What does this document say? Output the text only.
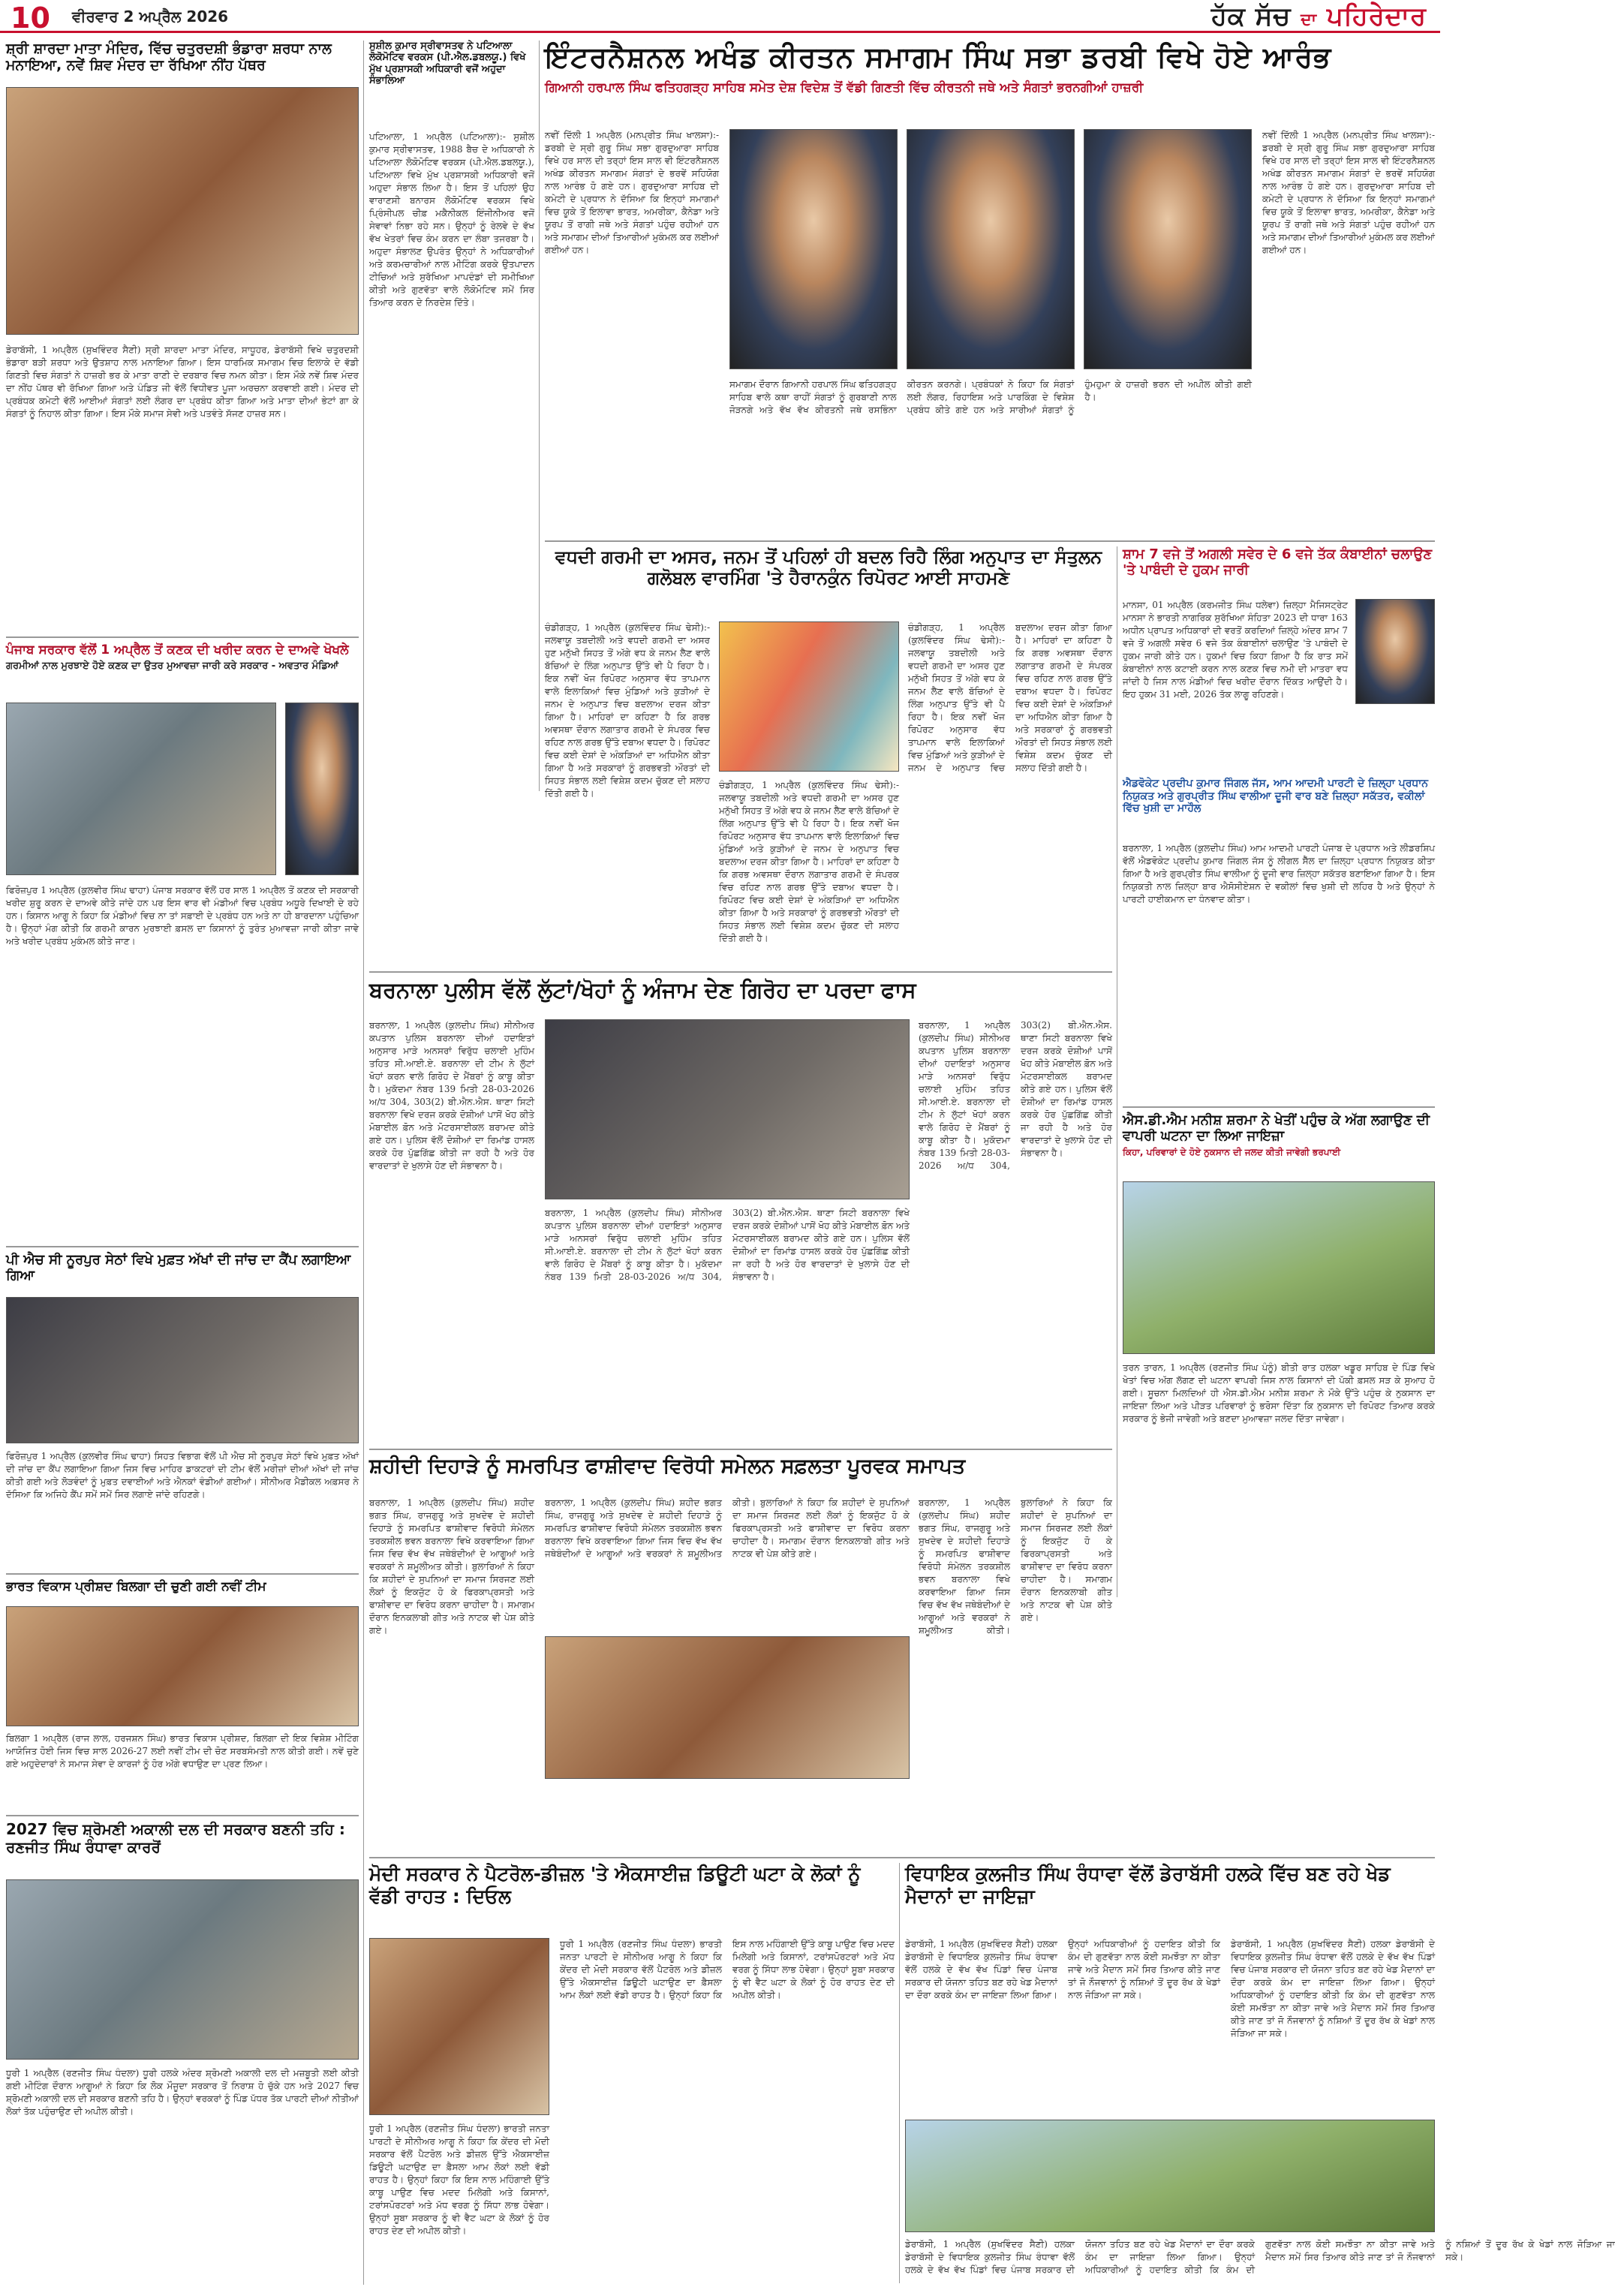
10 ਵੀਰਵਾਰ 2 ਅਪ੍ਰੈਲ 2026	ਹੱਕ ਸੱਚ ਦਾ ਪਹਿਰੇਦਾਰ
ਸ਼੍ਰੀ ਸ਼ਾਰਦਾ ਮਾਤਾ ਮੰਦਿਰ, ਵਿੱਚ ਚਤੁਰਦਸ਼ੀ ਭੰਡਾਰਾ ਸ਼ਰਧਾ ਨਾਲ ਮਨਾਇਆ, ਨਵੇਂ ਸ਼ਿਵ ਮੰਦਰ ਦਾ ਰੱਖਿਆ ਨੀਂਹ ਪੱਥਰ
ਡੇਰਾਬੱਸੀ, 1 ਅਪ੍ਰੈਲ (ਸੁਖਵਿੰਦਰ ਸੈਣੀ) ਸ੍ਰੀ ਸ਼ਾਰਦਾ ਮਾਤਾ ਮੰਦਿਰ, ਸਾਧੂਹਰ, ਡੇਰਾਬੱਸੀ ਵਿਖੇ ਚਤੁਰਦਸ਼ੀ ਭੰਡਾਰਾ ਬੜੀ ਸ਼ਰਧਾ ਅਤੇ ਉਤਸ਼ਾਹ ਨਾਲ ਮਨਾਇਆ ਗਿਆ। ਇਸ ਧਾਰਮਿਕ ਸਮਾਗਮ ਵਿਚ ਇਲਾਕੇ ਦੇ ਵੱਡੀ ਗਿਣਤੀ ਵਿਚ ਸੰਗਤਾਂ ਨੇ ਹਾਜ਼ਰੀ ਭਰ ਕੇ ਮਾਤਾ ਰਾਣੀ ਦੇ ਦਰਬਾਰ ਵਿਚ ਨਮਨ ਕੀਤਾ। ਇਸ ਮੌਕੇ ਨਵੇਂ ਸ਼ਿਵ ਮੰਦਰ ਦਾ ਨੀਂਹ ਪੱਥਰ ਵੀ ਰੱਖਿਆ ਗਿਆ ਅਤੇ ਪੰਡਿਤ ਜੀ ਵੱਲੋਂ ਵਿਧੀਵਤ ਪੂਜਾ ਅਰਚਨਾ ਕਰਵਾਈ ਗਈ। ਮੰਦਰ ਦੀ ਪ੍ਰਬੰਧਕ ਕਮੇਟੀ ਵੱਲੋਂ ਆਈਆਂ ਸੰਗਤਾਂ ਲਈ ਲੰਗਰ ਦਾ ਪ੍ਰਬੰਧ ਕੀਤਾ ਗਿਆ ਅਤੇ ਮਾਤਾ ਦੀਆਂ ਭੇਟਾਂ ਗਾ ਕੇ ਸੰਗਤਾਂ ਨੂੰ ਨਿਹਾਲ ਕੀਤਾ ਗਿਆ। ਇਸ ਮੌਕੇ ਸਮਾਜ ਸੇਵੀ ਅਤੇ ਪਤਵੰਤੇ ਸੱਜਣ ਹਾਜ਼ਰ ਸਨ।
ਪੰਜਾਬ ਸਰਕਾਰ ਵੱਲੋਂ 1 ਅਪ੍ਰੈਲ ਤੋਂ ਕਣਕ ਦੀ ਖਰੀਦ ਕਰਨ ਦੇ ਦਾਅਵੇ ਖੋਖਲੇ
ਗਰਮੀਆਂ ਨਾਲ ਮੁਰਝਾਏ ਹੋਏ ਕਣਕ ਦਾ ਉਤਰ ਮੁਆਵਜ਼ਾ ਜਾਰੀ ਕਰੇ ਸਰਕਾਰ - ਅਵਤਾਰ ਮੰਡਿਆਂ
ਫਿਰੋਜ਼ਪੁਰ 1 ਅਪ੍ਰੈਲ (ਕੁਲਵੀਰ ਸਿੰਘ ਢਾਹਾ) ਪੰਜਾਬ ਸਰਕਾਰ ਵੱਲੋਂ ਹਰ ਸਾਲ 1 ਅਪ੍ਰੈਲ ਤੋਂ ਕਣਕ ਦੀ ਸਰਕਾਰੀ ਖਰੀਦ ਸ਼ੁਰੂ ਕਰਨ ਦੇ ਦਾਅਵੇ ਕੀਤੇ ਜਾਂਦੇ ਹਨ ਪਰ ਇਸ ਵਾਰ ਵੀ ਮੰਡੀਆਂ ਵਿਚ ਪ੍ਰਬੰਧ ਅਧੂਰੇ ਦਿਖਾਈ ਦੇ ਰਹੇ ਹਨ। ਕਿਸਾਨ ਆਗੂ ਨੇ ਕਿਹਾ ਕਿ ਮੰਡੀਆਂ ਵਿਚ ਨਾ ਤਾਂ ਸਫ਼ਾਈ ਦੇ ਪ੍ਰਬੰਧ ਹਨ ਅਤੇ ਨਾ ਹੀ ਬਾਰਦਾਨਾ ਪਹੁੰਚਿਆ ਹੈ। ਉਨ੍ਹਾਂ ਮੰਗ ਕੀਤੀ ਕਿ ਗਰਮੀ ਕਾਰਨ ਮੁਰਝਾਈ ਫ਼ਸਲ ਦਾ ਕਿਸਾਨਾਂ ਨੂੰ ਤੁਰੰਤ ਮੁਆਵਜ਼ਾ ਜਾਰੀ ਕੀਤਾ ਜਾਵੇ ਅਤੇ ਖਰੀਦ ਪ੍ਰਬੰਧ ਮੁਕੰਮਲ ਕੀਤੇ ਜਾਣ।
ਪੀ ਐਚ ਸੀ ਨੂਰਪੁਰ ਸੇਠਾਂ ਵਿਖੇ ਮੁਫ਼ਤ ਅੱਖਾਂ ਦੀ ਜਾਂਚ ਦਾ ਕੈਂਪ ਲਗਾਇਆ ਗਿਆ
ਫਿਰੋਜ਼ਪੁਰ 1 ਅਪ੍ਰੈਲ (ਕੁਲਵੀਰ ਸਿੰਘ ਢਾਹਾ) ਸਿਹਤ ਵਿਭਾਗ ਵੱਲੋਂ ਪੀ ਐਚ ਸੀ ਨੂਰਪੁਰ ਸੇਠਾਂ ਵਿਖੇ ਮੁਫ਼ਤ ਅੱਖਾਂ ਦੀ ਜਾਂਚ ਦਾ ਕੈਂਪ ਲਗਾਇਆ ਗਿਆ ਜਿਸ ਵਿਚ ਮਾਹਿਰ ਡਾਕਟਰਾਂ ਦੀ ਟੀਮ ਵੱਲੋਂ ਮਰੀਜ਼ਾਂ ਦੀਆਂ ਅੱਖਾਂ ਦੀ ਜਾਂਚ ਕੀਤੀ ਗਈ ਅਤੇ ਲੋੜਵੰਦਾਂ ਨੂੰ ਮੁਫ਼ਤ ਦਵਾਈਆਂ ਅਤੇ ਐਨਕਾਂ ਵੰਡੀਆਂ ਗਈਆਂ। ਸੀਨੀਅਰ ਮੈਡੀਕਲ ਅਫ਼ਸਰ ਨੇ ਦੱਸਿਆ ਕਿ ਅਜਿਹੇ ਕੈਂਪ ਸਮੇਂ ਸਮੇਂ ਸਿਰ ਲਗਾਏ ਜਾਂਦੇ ਰਹਿਣਗੇ।
ਭਾਰਤ ਵਿਕਾਸ ਪ੍ਰੀਸ਼ਦ ਬਿਲਗਾ ਦੀ ਚੁਣੀ ਗਈ ਨਵੀਂ ਟੀਮ
ਬਿਲਗਾ 1 ਅਪ੍ਰੈਲ (ਰਾਜ ਲਾਲ, ਹਰਜਸ਼ਨ ਸਿੰਘ) ਭਾਰਤ ਵਿਕਾਸ ਪ੍ਰੀਸ਼ਦ, ਬਿਲਗਾ ਦੀ ਇਕ ਵਿਸ਼ੇਸ਼ ਮੀਟਿੰਗ ਆਯੋਜਿਤ ਹੋਈ ਜਿਸ ਵਿਚ ਸਾਲ 2026-27 ਲਈ ਨਵੀਂ ਟੀਮ ਦੀ ਚੋਣ ਸਰਬਸੰਮਤੀ ਨਾਲ ਕੀਤੀ ਗਈ। ਨਵੇਂ ਚੁਣੇ ਗਏ ਅਹੁਦੇਦਾਰਾਂ ਨੇ ਸਮਾਜ ਸੇਵਾ ਦੇ ਕਾਰਜਾਂ ਨੂੰ ਹੋਰ ਅੱਗੇ ਵਧਾਉਣ ਦਾ ਪ੍ਰਣ ਲਿਆ।
2027 ਵਿਚ ਸ਼੍ਰੋਮਣੀ ਅਕਾਲੀ ਦਲ ਦੀ ਸਰਕਾਰ ਬਣਨੀ ਤਹਿ : ਰਣਜੀਤ ਸਿੰਘ ਰੰਧਾਵਾ ਕਾਰਰੋਂ
ਧੂਰੀ 1 ਅਪ੍ਰੈਲ (ਰਣਜੀਤ ਸਿੰਘ ਧੰਦਲਾ) ਧੂਰੀ ਹਲਕੇ ਅੰਦਰ ਸ਼੍ਰੋਮਣੀ ਅਕਾਲੀ ਦਲ ਦੀ ਮਜ਼ਬੂਤੀ ਲਈ ਕੀਤੀ ਗਈ ਮੀਟਿੰਗ ਦੌਰਾਨ ਆਗੂਆਂ ਨੇ ਕਿਹਾ ਕਿ ਲੋਕ ਮੌਜੂਦਾ ਸਰਕਾਰ ਤੋਂ ਨਿਰਾਸ਼ ਹੋ ਚੁੱਕੇ ਹਨ ਅਤੇ 2027 ਵਿਚ ਸ਼੍ਰੋਮਣੀ ਅਕਾਲੀ ਦਲ ਦੀ ਸਰਕਾਰ ਬਣਨੀ ਤਹਿ ਹੈ। ਉਨ੍ਹਾਂ ਵਰਕਰਾਂ ਨੂੰ ਪਿੰਡ ਪੱਧਰ ਤੱਕ ਪਾਰਟੀ ਦੀਆਂ ਨੀਤੀਆਂ ਲੋਕਾਂ ਤੱਕ ਪਹੁੰਚਾਉਣ ਦੀ ਅਪੀਲ ਕੀਤੀ।
ਸੁਸ਼ੀਲ ਕੁਮਾਰ ਸ੍ਰੀਵਾਸਤਵ ਨੇ ਪਟਿਆਲਾ ਲੋਕੋਮੋਟਿਵ ਵਰਕਸ (ਪੀ.ਐਲ.ਡਬਲਯੂ.) ਵਿਖੇ ਮੁੱਖ ਪ੍ਰਸ਼ਾਸਕੀ ਅਧਿਕਾਰੀ ਵਜੋਂ ਅਹੁਦਾ ਸੰਭਾਲਿਆ
ਪਟਿਆਲਾ, 1 ਅਪ੍ਰੈਲ (ਪਟਿਆਲਾ):- ਸੁਸ਼ੀਲ ਕੁਮਾਰ ਸ੍ਰੀਵਾਸਤਵ, 1988 ਬੈਚ ਦੇ ਅਧਿਕਾਰੀ ਨੇ ਪਟਿਆਲਾ ਲੋਕੋਮੋਟਿਵ ਵਰਕਸ (ਪੀ.ਐਲ.ਡਬਲਯੂ.), ਪਟਿਆਲਾ ਵਿਖੇ ਮੁੱਖ ਪ੍ਰਸ਼ਾਸਕੀ ਅਧਿਕਾਰੀ ਵਜੋਂ ਅਹੁਦਾ ਸੰਭਾਲ ਲਿਆ ਹੈ। ਇਸ ਤੋਂ ਪਹਿਲਾਂ ਉਹ ਵਾਰਾਣਸੀ ਬਨਾਰਸ ਲੋਕੋਮੋਟਿਵ ਵਰਕਸ ਵਿਖੇ ਪ੍ਰਿੰਸੀਪਲ ਚੀਫ਼ ਮਕੈਨੀਕਲ ਇੰਜੀਨੀਅਰ ਵਜੋਂ ਸੇਵਾਵਾਂ ਨਿਭਾ ਰਹੇ ਸਨ। ਉਨ੍ਹਾਂ ਨੂੰ ਰੇਲਵੇ ਦੇ ਵੱਖ ਵੱਖ ਖੇਤਰਾਂ ਵਿਚ ਕੰਮ ਕਰਨ ਦਾ ਲੰਬਾ ਤਜਰਬਾ ਹੈ। ਅਹੁਦਾ ਸੰਭਾਲਣ ਉਪਰੰਤ ਉਨ੍ਹਾਂ ਨੇ ਅਧਿਕਾਰੀਆਂ ਅਤੇ ਕਰਮਚਾਰੀਆਂ ਨਾਲ ਮੀਟਿੰਗ ਕਰਕੇ ਉਤਪਾਦਨ ਟੀਚਿਆਂ ਅਤੇ ਸੁਰੱਖਿਆ ਮਾਪਦੰਡਾਂ ਦੀ ਸਮੀਖਿਆ ਕੀਤੀ ਅਤੇ ਗੁਣਵੱਤਾ ਵਾਲੇ ਲੋਕੋਮੋਟਿਵ ਸਮੇਂ ਸਿਰ ਤਿਆਰ ਕਰਨ ਦੇ ਨਿਰਦੇਸ਼ ਦਿੱਤੇ।
ਇੰਟਰਨੈਸ਼ਨਲ ਅਖੰਡ ਕੀਰਤਨ ਸਮਾਗਮ ਸਿੰਘ ਸਭਾ ਡਰਬੀ ਵਿਖੇ ਹੋਏ ਆਰੰਭ
ਗਿਆਨੀ ਹਰਪਾਲ ਸਿੰਘ ਫਤਿਹਗੜ੍ਹ ਸਾਹਿਬ ਸਮੇਤ ਦੇਸ਼ ਵਿਦੇਸ਼ ਤੋਂ ਵੱਡੀ ਗਿਣਤੀ ਵਿੱਚ ਕੀਰਤਨੀ ਜਥੇ ਅਤੇ ਸੰਗਤਾਂ ਭਰਨਗੀਆਂ ਹਾਜ਼ਰੀ
ਨਵੀਂ ਦਿੱਲੀ 1 ਅਪ੍ਰੈਲ (ਮਨਪ੍ਰੀਤ ਸਿੰਘ ਖਾਲਸਾ):- ਡਰਬੀ ਦੇ ਸ੍ਰੀ ਗੁਰੂ ਸਿੰਘ ਸਭਾ ਗੁਰਦੁਆਰਾ ਸਾਹਿਬ ਵਿਖੇ ਹਰ ਸਾਲ ਦੀ ਤਰ੍ਹਾਂ ਇਸ ਸਾਲ ਵੀ ਇੰਟਰਨੈਸ਼ਨਲ ਅਖੰਡ ਕੀਰਤਨ ਸਮਾਗਮ ਸੰਗਤਾਂ ਦੇ ਭਰਵੇਂ ਸਹਿਯੋਗ ਨਾਲ ਆਰੰਭ ਹੋ ਗਏ ਹਨ। ਗੁਰਦੁਆਰਾ ਸਾਹਿਬ ਦੀ ਕਮੇਟੀ ਦੇ ਪ੍ਰਧਾਨ ਨੇ ਦੱਸਿਆ ਕਿ ਇਨ੍ਹਾਂ ਸਮਾਗਮਾਂ ਵਿਚ ਯੂਕੇ ਤੋਂ ਇਲਾਵਾ ਭਾਰਤ, ਅਮਰੀਕਾ, ਕੈਨੇਡਾ ਅਤੇ ਯੂਰਪ ਤੋਂ ਰਾਗੀ ਜਥੇ ਅਤੇ ਸੰਗਤਾਂ ਪਹੁੰਚ ਰਹੀਆਂ ਹਨ ਅਤੇ ਸਮਾਗਮ ਦੀਆਂ ਤਿਆਰੀਆਂ ਮੁਕੰਮਲ ਕਰ ਲਈਆਂ ਗਈਆਂ ਹਨ।
ਸਮਾਗਮ ਦੌਰਾਨ ਗਿਆਨੀ ਹਰਪਾਲ ਸਿੰਘ ਫਤਿਹਗੜ੍ਹ ਸਾਹਿਬ ਵਾਲੇ ਕਥਾ ਰਾਹੀਂ ਸੰਗਤਾਂ ਨੂੰ ਗੁਰਬਾਣੀ ਨਾਲ ਜੋੜਨਗੇ ਅਤੇ ਵੱਖ ਵੱਖ ਕੀਰਤਨੀ ਜਥੇ ਰਸਭਿੰਨਾ ਕੀਰਤਨ ਕਰਨਗੇ। ਪ੍ਰਬੰਧਕਾਂ ਨੇ ਕਿਹਾ ਕਿ ਸੰਗਤਾਂ ਲਈ ਲੰਗਰ, ਰਿਹਾਇਸ਼ ਅਤੇ ਪਾਰਕਿੰਗ ਦੇ ਵਿਸ਼ੇਸ਼ ਪ੍ਰਬੰਧ ਕੀਤੇ ਗਏ ਹਨ ਅਤੇ ਸਾਰੀਆਂ ਸੰਗਤਾਂ ਨੂੰ ਹੁੰਮਹੁਮਾ ਕੇ ਹਾਜ਼ਰੀ ਭਰਨ ਦੀ ਅਪੀਲ ਕੀਤੀ ਗਈ ਹੈ।
ਨਵੀਂ ਦਿੱਲੀ 1 ਅਪ੍ਰੈਲ (ਮਨਪ੍ਰੀਤ ਸਿੰਘ ਖਾਲਸਾ):- ਡਰਬੀ ਦੇ ਸ੍ਰੀ ਗੁਰੂ ਸਿੰਘ ਸਭਾ ਗੁਰਦੁਆਰਾ ਸਾਹਿਬ ਵਿਖੇ ਹਰ ਸਾਲ ਦੀ ਤਰ੍ਹਾਂ ਇਸ ਸਾਲ ਵੀ ਇੰਟਰਨੈਸ਼ਨਲ ਅਖੰਡ ਕੀਰਤਨ ਸਮਾਗਮ ਸੰਗਤਾਂ ਦੇ ਭਰਵੇਂ ਸਹਿਯੋਗ ਨਾਲ ਆਰੰਭ ਹੋ ਗਏ ਹਨ। ਗੁਰਦੁਆਰਾ ਸਾਹਿਬ ਦੀ ਕਮੇਟੀ ਦੇ ਪ੍ਰਧਾਨ ਨੇ ਦੱਸਿਆ ਕਿ ਇਨ੍ਹਾਂ ਸਮਾਗਮਾਂ ਵਿਚ ਯੂਕੇ ਤੋਂ ਇਲਾਵਾ ਭਾਰਤ, ਅਮਰੀਕਾ, ਕੈਨੇਡਾ ਅਤੇ ਯੂਰਪ ਤੋਂ ਰਾਗੀ ਜਥੇ ਅਤੇ ਸੰਗਤਾਂ ਪਹੁੰਚ ਰਹੀਆਂ ਹਨ ਅਤੇ ਸਮਾਗਮ ਦੀਆਂ ਤਿਆਰੀਆਂ ਮੁਕੰਮਲ ਕਰ ਲਈਆਂ ਗਈਆਂ ਹਨ।
ਵਧਦੀ ਗਰਮੀ ਦਾ ਅਸਰ, ਜਨਮ ਤੋਂ ਪਹਿਲਾਂ ਹੀ ਬਦਲ ਰਿਹੈ ਲਿੰਗ ਅਨੁਪਾਤ ਦਾ ਸੰਤੁਲਨ ਗਲੋਬਲ ਵਾਰਮਿੰਗ 'ਤੇ ਹੈਰਾਨਕੁੰਨ ਰਿਪੋਰਟ ਆਈ ਸਾਹਮਣੇ
ਚੰਡੀਗੜ੍ਹ, 1 ਅਪ੍ਰੈਲ (ਕੁਲਵਿੰਦਰ ਸਿੰਘ ਢੇਸੀ):- ਜਲਵਾਯੂ ਤਬਦੀਲੀ ਅਤੇ ਵਧਦੀ ਗਰਮੀ ਦਾ ਅਸਰ ਹੁਣ ਮਨੁੱਖੀ ਸਿਹਤ ਤੋਂ ਅੱਗੇ ਵਧ ਕੇ ਜਨਮ ਲੈਣ ਵਾਲੇ ਬੱਚਿਆਂ ਦੇ ਲਿੰਗ ਅਨੁਪਾਤ ਉੱਤੇ ਵੀ ਪੈ ਰਿਹਾ ਹੈ। ਇਕ ਨਵੀਂ ਖੋਜ ਰਿਪੋਰਟ ਅਨੁਸਾਰ ਵੱਧ ਤਾਪਮਾਨ ਵਾਲੇ ਇਲਾਕਿਆਂ ਵਿਚ ਮੁੰਡਿਆਂ ਅਤੇ ਕੁੜੀਆਂ ਦੇ ਜਨਮ ਦੇ ਅਨੁਪਾਤ ਵਿਚ ਬਦਲਾਅ ਦਰਜ ਕੀਤਾ ਗਿਆ ਹੈ। ਮਾਹਿਰਾਂ ਦਾ ਕਹਿਣਾ ਹੈ ਕਿ ਗਰਭ ਅਵਸਥਾ ਦੌਰਾਨ ਲਗਾਤਾਰ ਗਰਮੀ ਦੇ ਸੰਪਰਕ ਵਿਚ ਰਹਿਣ ਨਾਲ ਗਰਭ ਉੱਤੇ ਦਬਾਅ ਵਧਦਾ ਹੈ। ਰਿਪੋਰਟ ਵਿਚ ਕਈ ਦੇਸ਼ਾਂ ਦੇ ਅੰਕੜਿਆਂ ਦਾ ਅਧਿਐਨ ਕੀਤਾ ਗਿਆ ਹੈ ਅਤੇ ਸਰਕਾਰਾਂ ਨੂੰ ਗਰਭਵਤੀ ਔਰਤਾਂ ਦੀ ਸਿਹਤ ਸੰਭਾਲ ਲਈ ਵਿਸ਼ੇਸ਼ ਕਦਮ ਚੁੱਕਣ ਦੀ ਸਲਾਹ ਦਿੱਤੀ ਗਈ ਹੈ।
ਚੰਡੀਗੜ੍ਹ, 1 ਅਪ੍ਰੈਲ (ਕੁਲਵਿੰਦਰ ਸਿੰਘ ਢੇਸੀ):- ਜਲਵਾਯੂ ਤਬਦੀਲੀ ਅਤੇ ਵਧਦੀ ਗਰਮੀ ਦਾ ਅਸਰ ਹੁਣ ਮਨੁੱਖੀ ਸਿਹਤ ਤੋਂ ਅੱਗੇ ਵਧ ਕੇ ਜਨਮ ਲੈਣ ਵਾਲੇ ਬੱਚਿਆਂ ਦੇ ਲਿੰਗ ਅਨੁਪਾਤ ਉੱਤੇ ਵੀ ਪੈ ਰਿਹਾ ਹੈ। ਇਕ ਨਵੀਂ ਖੋਜ ਰਿਪੋਰਟ ਅਨੁਸਾਰ ਵੱਧ ਤਾਪਮਾਨ ਵਾਲੇ ਇਲਾਕਿਆਂ ਵਿਚ ਮੁੰਡਿਆਂ ਅਤੇ ਕੁੜੀਆਂ ਦੇ ਜਨਮ ਦੇ ਅਨੁਪਾਤ ਵਿਚ ਬਦਲਾਅ ਦਰਜ ਕੀਤਾ ਗਿਆ ਹੈ। ਮਾਹਿਰਾਂ ਦਾ ਕਹਿਣਾ ਹੈ ਕਿ ਗਰਭ ਅਵਸਥਾ ਦੌਰਾਨ ਲਗਾਤਾਰ ਗਰਮੀ ਦੇ ਸੰਪਰਕ ਵਿਚ ਰਹਿਣ ਨਾਲ ਗਰਭ ਉੱਤੇ ਦਬਾਅ ਵਧਦਾ ਹੈ। ਰਿਪੋਰਟ ਵਿਚ ਕਈ ਦੇਸ਼ਾਂ ਦੇ ਅੰਕੜਿਆਂ ਦਾ ਅਧਿਐਨ ਕੀਤਾ ਗਿਆ ਹੈ ਅਤੇ ਸਰਕਾਰਾਂ ਨੂੰ ਗਰਭਵਤੀ ਔਰਤਾਂ ਦੀ ਸਿਹਤ ਸੰਭਾਲ ਲਈ ਵਿਸ਼ੇਸ਼ ਕਦਮ ਚੁੱਕਣ ਦੀ ਸਲਾਹ ਦਿੱਤੀ ਗਈ ਹੈ।
ਚੰਡੀਗੜ੍ਹ, 1 ਅਪ੍ਰੈਲ (ਕੁਲਵਿੰਦਰ ਸਿੰਘ ਢੇਸੀ):- ਜਲਵਾਯੂ ਤਬਦੀਲੀ ਅਤੇ ਵਧਦੀ ਗਰਮੀ ਦਾ ਅਸਰ ਹੁਣ ਮਨੁੱਖੀ ਸਿਹਤ ਤੋਂ ਅੱਗੇ ਵਧ ਕੇ ਜਨਮ ਲੈਣ ਵਾਲੇ ਬੱਚਿਆਂ ਦੇ ਲਿੰਗ ਅਨੁਪਾਤ ਉੱਤੇ ਵੀ ਪੈ ਰਿਹਾ ਹੈ। ਇਕ ਨਵੀਂ ਖੋਜ ਰਿਪੋਰਟ ਅਨੁਸਾਰ ਵੱਧ ਤਾਪਮਾਨ ਵਾਲੇ ਇਲਾਕਿਆਂ ਵਿਚ ਮੁੰਡਿਆਂ ਅਤੇ ਕੁੜੀਆਂ ਦੇ ਜਨਮ ਦੇ ਅਨੁਪਾਤ ਵਿਚ ਬਦਲਾਅ ਦਰਜ ਕੀਤਾ ਗਿਆ ਹੈ। ਮਾਹਿਰਾਂ ਦਾ ਕਹਿਣਾ ਹੈ ਕਿ ਗਰਭ ਅਵਸਥਾ ਦੌਰਾਨ ਲਗਾਤਾਰ ਗਰਮੀ ਦੇ ਸੰਪਰਕ ਵਿਚ ਰਹਿਣ ਨਾਲ ਗਰਭ ਉੱਤੇ ਦਬਾਅ ਵਧਦਾ ਹੈ। ਰਿਪੋਰਟ ਵਿਚ ਕਈ ਦੇਸ਼ਾਂ ਦੇ ਅੰਕੜਿਆਂ ਦਾ ਅਧਿਐਨ ਕੀਤਾ ਗਿਆ ਹੈ ਅਤੇ ਸਰਕਾਰਾਂ ਨੂੰ ਗਰਭਵਤੀ ਔਰਤਾਂ ਦੀ ਸਿਹਤ ਸੰਭਾਲ ਲਈ ਵਿਸ਼ੇਸ਼ ਕਦਮ ਚੁੱਕਣ ਦੀ ਸਲਾਹ ਦਿੱਤੀ ਗਈ ਹੈ।
ਸ਼ਾਮ 7 ਵਜੇ ਤੋਂ ਅਗਲੀ ਸਵੇਰ ਦੇ 6 ਵਜੇ ਤੱਕ ਕੰਬਾਈਨਾਂ ਚਲਾਉਣ 'ਤੇ ਪਾਬੰਦੀ ਦੇ ਹੁਕਮ ਜਾਰੀ
ਮਾਨਸਾ, 01 ਅਪ੍ਰੈਲ (ਕਰਮਜੀਤ ਸਿੰਘ ਧਲੇਵਾ) ਜ਼ਿਲ੍ਹਾ ਮੈਜਿਸਟ੍ਰੇਟ ਮਾਨਸਾ ਨੇ ਭਾਰਤੀ ਨਾਗਰਿਕ ਸੁਰੱਖਿਆ ਸੰਹਿਤਾ 2023 ਦੀ ਧਾਰਾ 163 ਅਧੀਨ ਪ੍ਰਾਪਤ ਅਧਿਕਾਰਾਂ ਦੀ ਵਰਤੋਂ ਕਰਦਿਆਂ ਜ਼ਿਲ੍ਹੇ ਅੰਦਰ ਸ਼ਾਮ 7 ਵਜੇ ਤੋਂ ਅਗਲੀ ਸਵੇਰ 6 ਵਜੇ ਤੱਕ ਕੰਬਾਈਨਾਂ ਚਲਾਉਣ 'ਤੇ ਪਾਬੰਦੀ ਦੇ ਹੁਕਮ ਜਾਰੀ ਕੀਤੇ ਹਨ। ਹੁਕਮਾਂ ਵਿਚ ਕਿਹਾ ਗਿਆ ਹੈ ਕਿ ਰਾਤ ਸਮੇਂ ਕੰਬਾਈਨਾਂ ਨਾਲ ਕਟਾਈ ਕਰਨ ਨਾਲ ਕਣਕ ਵਿਚ ਨਮੀ ਦੀ ਮਾਤਰਾ ਵਧ ਜਾਂਦੀ ਹੈ ਜਿਸ ਨਾਲ ਮੰਡੀਆਂ ਵਿਚ ਖਰੀਦ ਦੌਰਾਨ ਦਿੱਕਤ ਆਉਂਦੀ ਹੈ। ਇਹ ਹੁਕਮ 31 ਮਈ, 2026 ਤੱਕ ਲਾਗੂ ਰਹਿਣਗੇ।
ਐਡਵੋਕੇਟ ਪ੍ਰਦੀਪ ਕੁਮਾਰ ਜਿੰਗਲ ਜੱਸ, ਆਮ ਆਦਮੀ ਪਾਰਟੀ ਦੇ ਜ਼ਿਲ੍ਹਾ ਪ੍ਰਧਾਨ ਨਿਯੁਕਤ ਅਤੇ ਗੁਰਪ੍ਰੀਤ ਸਿੰਘ ਵਾਲੀਆ ਦੂਜੀ ਵਾਰ ਬਣੇ ਜ਼ਿਲ੍ਹਾ ਸਕੱਤਰ, ਵਕੀਲਾਂ ਵਿੱਚ ਖੁਸ਼ੀ ਦਾ ਮਾਹੌਲ
ਬਰਨਾਲਾ, 1 ਅਪ੍ਰੈਲ (ਕੁਲਦੀਪ ਸਿੰਘ) ਆਮ ਆਦਮੀ ਪਾਰਟੀ ਪੰਜਾਬ ਦੇ ਪ੍ਰਧਾਨ ਅਤੇ ਲੀਡਰਸ਼ਿਪ ਵੱਲੋਂ ਐਡਵੋਕੇਟ ਪ੍ਰਦੀਪ ਕੁਮਾਰ ਜਿੰਗਲ ਜੱਸ ਨੂੰ ਲੀਗਲ ਸੈੱਲ ਦਾ ਜ਼ਿਲ੍ਹਾ ਪ੍ਰਧਾਨ ਨਿਯੁਕਤ ਕੀਤਾ ਗਿਆ ਹੈ ਅਤੇ ਗੁਰਪ੍ਰੀਤ ਸਿੰਘ ਵਾਲੀਆ ਨੂੰ ਦੂਜੀ ਵਾਰ ਜ਼ਿਲ੍ਹਾ ਸਕੱਤਰ ਬਣਾਇਆ ਗਿਆ ਹੈ। ਇਸ ਨਿਯੁਕਤੀ ਨਾਲ ਜ਼ਿਲ੍ਹਾ ਬਾਰ ਐਸੋਸੀਏਸ਼ਨ ਦੇ ਵਕੀਲਾਂ ਵਿਚ ਖੁਸ਼ੀ ਦੀ ਲਹਿਰ ਹੈ ਅਤੇ ਉਨ੍ਹਾਂ ਨੇ ਪਾਰਟੀ ਹਾਈਕਮਾਨ ਦਾ ਧੰਨਵਾਦ ਕੀਤਾ।
ਐਸ.ਡੀ.ਐਮ ਮਨੀਸ਼ ਸ਼ਰਮਾ ਨੇ ਖੇਤੀਂ ਪਹੁੰਚ ਕੇ ਅੱਗ ਲਗਾਉਣ ਦੀ ਵਾਪਰੀ ਘਟਨਾ ਦਾ ਲਿਆ ਜਾਇਜ਼ਾ
ਕਿਹਾ, ਪਰਿਵਾਰਾਂ ਦੇ ਹੋਏ ਨੁਕਸਾਨ ਦੀ ਜਲਦ ਕੀਤੀ ਜਾਵੇਗੀ ਭਰਪਾਈ
ਤਰਨ ਤਾਰਨ, 1 ਅਪ੍ਰੈਲ (ਰਣਜੀਤ ਸਿੰਘ ਪੰਨੂੰ) ਬੀਤੀ ਰਾਤ ਹਲਕਾ ਖਡੂਰ ਸਾਹਿਬ ਦੇ ਪਿੰਡ ਵਿਖੇ ਖੇਤਾਂ ਵਿਚ ਅੱਗ ਲੱਗਣ ਦੀ ਘਟਨਾ ਵਾਪਰੀ ਜਿਸ ਨਾਲ ਕਿਸਾਨਾਂ ਦੀ ਪੱਕੀ ਫ਼ਸਲ ਸੜ ਕੇ ਸੁਆਹ ਹੋ ਗਈ। ਸੂਚਨਾ ਮਿਲਦਿਆਂ ਹੀ ਐਸ.ਡੀ.ਐਮ ਮਨੀਸ਼ ਸ਼ਰਮਾ ਨੇ ਮੌਕੇ ਉੱਤੇ ਪਹੁੰਚ ਕੇ ਨੁਕਸਾਨ ਦਾ ਜਾਇਜ਼ਾ ਲਿਆ ਅਤੇ ਪੀੜਤ ਪਰਿਵਾਰਾਂ ਨੂੰ ਭਰੋਸਾ ਦਿੱਤਾ ਕਿ ਨੁਕਸਾਨ ਦੀ ਰਿਪੋਰਟ ਤਿਆਰ ਕਰਕੇ ਸਰਕਾਰ ਨੂੰ ਭੇਜੀ ਜਾਵੇਗੀ ਅਤੇ ਬਣਦਾ ਮੁਆਵਜ਼ਾ ਜਲਦ ਦਿੱਤਾ ਜਾਵੇਗਾ।
ਬਰਨਾਲਾ ਪੁਲੀਸ ਵੱਲੋਂ ਲੁੱਟਾਂ/ਖੋਹਾਂ ਨੂੰ ਅੰਜਾਮ ਦੇਣ ਗਿਰੋਹ ਦਾ ਪਰਦਾ ਫਾਸ
ਬਰਨਾਲਾ, 1 ਅਪ੍ਰੈਲ (ਕੁਲਦੀਪ ਸਿੰਘ) ਸੀਨੀਅਰ ਕਪਤਾਨ ਪੁਲਿਸ ਬਰਨਾਲਾ ਦੀਆਂ ਹਦਾਇਤਾਂ ਅਨੁਸਾਰ ਮਾੜੇ ਅਨਸਰਾਂ ਵਿਰੁੱਧ ਚਲਾਈ ਮੁਹਿੰਮ ਤਹਿਤ ਸੀ.ਆਈ.ਏ. ਬਰਨਾਲਾ ਦੀ ਟੀਮ ਨੇ ਲੁੱਟਾਂ ਖੋਹਾਂ ਕਰਨ ਵਾਲੇ ਗਿਰੋਹ ਦੇ ਮੈਂਬਰਾਂ ਨੂੰ ਕਾਬੂ ਕੀਤਾ ਹੈ। ਮੁਕੱਦਮਾ ਨੰਬਰ 139 ਮਿਤੀ 28-03-2026 ਅ/ਧ 304, 303(2) ਬੀ.ਐਨ.ਐਸ. ਥਾਣਾ ਸਿਟੀ ਬਰਨਾਲਾ ਵਿਖੇ ਦਰਜ ਕਰਕੇ ਦੋਸ਼ੀਆਂ ਪਾਸੋਂ ਖੋਹ ਕੀਤੇ ਮੋਬਾਈਲ ਫ਼ੋਨ ਅਤੇ ਮੋਟਰਸਾਈਕਲ ਬਰਾਮਦ ਕੀਤੇ ਗਏ ਹਨ। ਪੁਲਿਸ ਵੱਲੋਂ ਦੋਸ਼ੀਆਂ ਦਾ ਰਿਮਾਂਡ ਹਾਸਲ ਕਰਕੇ ਹੋਰ ਪੁੱਛਗਿੱਛ ਕੀਤੀ ਜਾ ਰਹੀ ਹੈ ਅਤੇ ਹੋਰ ਵਾਰਦਾਤਾਂ ਦੇ ਖੁਲਾਸੇ ਹੋਣ ਦੀ ਸੰਭਾਵਨਾ ਹੈ।
ਬਰਨਾਲਾ, 1 ਅਪ੍ਰੈਲ (ਕੁਲਦੀਪ ਸਿੰਘ) ਸੀਨੀਅਰ ਕਪਤਾਨ ਪੁਲਿਸ ਬਰਨਾਲਾ ਦੀਆਂ ਹਦਾਇਤਾਂ ਅਨੁਸਾਰ ਮਾੜੇ ਅਨਸਰਾਂ ਵਿਰੁੱਧ ਚਲਾਈ ਮੁਹਿੰਮ ਤਹਿਤ ਸੀ.ਆਈ.ਏ. ਬਰਨਾਲਾ ਦੀ ਟੀਮ ਨੇ ਲੁੱਟਾਂ ਖੋਹਾਂ ਕਰਨ ਵਾਲੇ ਗਿਰੋਹ ਦੇ ਮੈਂਬਰਾਂ ਨੂੰ ਕਾਬੂ ਕੀਤਾ ਹੈ। ਮੁਕੱਦਮਾ ਨੰਬਰ 139 ਮਿਤੀ 28-03-2026 ਅ/ਧ 304, 303(2) ਬੀ.ਐਨ.ਐਸ. ਥਾਣਾ ਸਿਟੀ ਬਰਨਾਲਾ ਵਿਖੇ ਦਰਜ ਕਰਕੇ ਦੋਸ਼ੀਆਂ ਪਾਸੋਂ ਖੋਹ ਕੀਤੇ ਮੋਬਾਈਲ ਫ਼ੋਨ ਅਤੇ ਮੋਟਰਸਾਈਕਲ ਬਰਾਮਦ ਕੀਤੇ ਗਏ ਹਨ। ਪੁਲਿਸ ਵੱਲੋਂ ਦੋਸ਼ੀਆਂ ਦਾ ਰਿਮਾਂਡ ਹਾਸਲ ਕਰਕੇ ਹੋਰ ਪੁੱਛਗਿੱਛ ਕੀਤੀ ਜਾ ਰਹੀ ਹੈ ਅਤੇ ਹੋਰ ਵਾਰਦਾਤਾਂ ਦੇ ਖੁਲਾਸੇ ਹੋਣ ਦੀ ਸੰਭਾਵਨਾ ਹੈ।
ਬਰਨਾਲਾ, 1 ਅਪ੍ਰੈਲ (ਕੁਲਦੀਪ ਸਿੰਘ) ਸੀਨੀਅਰ ਕਪਤਾਨ ਪੁਲਿਸ ਬਰਨਾਲਾ ਦੀਆਂ ਹਦਾਇਤਾਂ ਅਨੁਸਾਰ ਮਾੜੇ ਅਨਸਰਾਂ ਵਿਰੁੱਧ ਚਲਾਈ ਮੁਹਿੰਮ ਤਹਿਤ ਸੀ.ਆਈ.ਏ. ਬਰਨਾਲਾ ਦੀ ਟੀਮ ਨੇ ਲੁੱਟਾਂ ਖੋਹਾਂ ਕਰਨ ਵਾਲੇ ਗਿਰੋਹ ਦੇ ਮੈਂਬਰਾਂ ਨੂੰ ਕਾਬੂ ਕੀਤਾ ਹੈ। ਮੁਕੱਦਮਾ ਨੰਬਰ 139 ਮਿਤੀ 28-03-2026 ਅ/ਧ 304, 303(2) ਬੀ.ਐਨ.ਐਸ. ਥਾਣਾ ਸਿਟੀ ਬਰਨਾਲਾ ਵਿਖੇ ਦਰਜ ਕਰਕੇ ਦੋਸ਼ੀਆਂ ਪਾਸੋਂ ਖੋਹ ਕੀਤੇ ਮੋਬਾਈਲ ਫ਼ੋਨ ਅਤੇ ਮੋਟਰਸਾਈਕਲ ਬਰਾਮਦ ਕੀਤੇ ਗਏ ਹਨ। ਪੁਲਿਸ ਵੱਲੋਂ ਦੋਸ਼ੀਆਂ ਦਾ ਰਿਮਾਂਡ ਹਾਸਲ ਕਰਕੇ ਹੋਰ ਪੁੱਛਗਿੱਛ ਕੀਤੀ ਜਾ ਰਹੀ ਹੈ ਅਤੇ ਹੋਰ ਵਾਰਦਾਤਾਂ ਦੇ ਖੁਲਾਸੇ ਹੋਣ ਦੀ ਸੰਭਾਵਨਾ ਹੈ।
ਸ਼ਹੀਦੀ ਦਿਹਾੜੇ ਨੂੰ ਸਮਰਪਿਤ ਫਾਸ਼ੀਵਾਦ ਵਿਰੋਧੀ ਸਮੇਲਨ ਸਫ਼ਲਤਾ ਪੂਰਵਕ ਸਮਾਪਤ
ਬਰਨਾਲਾ, 1 ਅਪ੍ਰੈਲ (ਕੁਲਦੀਪ ਸਿੰਘ) ਸ਼ਹੀਦ ਭਗਤ ਸਿੰਘ, ਰਾਜਗੁਰੂ ਅਤੇ ਸੁਖਦੇਵ ਦੇ ਸ਼ਹੀਦੀ ਦਿਹਾੜੇ ਨੂੰ ਸਮਰਪਿਤ ਫਾਸ਼ੀਵਾਦ ਵਿਰੋਧੀ ਸੰਮੇਲਨ ਤਰਕਸ਼ੀਲ ਭਵਨ ਬਰਨਾਲਾ ਵਿਖੇ ਕਰਵਾਇਆ ਗਿਆ ਜਿਸ ਵਿਚ ਵੱਖ ਵੱਖ ਜਥੇਬੰਦੀਆਂ ਦੇ ਆਗੂਆਂ ਅਤੇ ਵਰਕਰਾਂ ਨੇ ਸ਼ਮੂਲੀਅਤ ਕੀਤੀ। ਬੁਲਾਰਿਆਂ ਨੇ ਕਿਹਾ ਕਿ ਸ਼ਹੀਦਾਂ ਦੇ ਸੁਪਨਿਆਂ ਦਾ ਸਮਾਜ ਸਿਰਜਣ ਲਈ ਲੋਕਾਂ ਨੂੰ ਇਕਜੁੱਟ ਹੋ ਕੇ ਫਿਰਕਾਪ੍ਰਸਤੀ ਅਤੇ ਫਾਸ਼ੀਵਾਦ ਦਾ ਵਿਰੋਧ ਕਰਨਾ ਚਾਹੀਦਾ ਹੈ। ਸਮਾਗਮ ਦੌਰਾਨ ਇਨਕਲਾਬੀ ਗੀਤ ਅਤੇ ਨਾਟਕ ਵੀ ਪੇਸ਼ ਕੀਤੇ ਗਏ।
ਬਰਨਾਲਾ, 1 ਅਪ੍ਰੈਲ (ਕੁਲਦੀਪ ਸਿੰਘ) ਸ਼ਹੀਦ ਭਗਤ ਸਿੰਘ, ਰਾਜਗੁਰੂ ਅਤੇ ਸੁਖਦੇਵ ਦੇ ਸ਼ਹੀਦੀ ਦਿਹਾੜੇ ਨੂੰ ਸਮਰਪਿਤ ਫਾਸ਼ੀਵਾਦ ਵਿਰੋਧੀ ਸੰਮੇਲਨ ਤਰਕਸ਼ੀਲ ਭਵਨ ਬਰਨਾਲਾ ਵਿਖੇ ਕਰਵਾਇਆ ਗਿਆ ਜਿਸ ਵਿਚ ਵੱਖ ਵੱਖ ਜਥੇਬੰਦੀਆਂ ਦੇ ਆਗੂਆਂ ਅਤੇ ਵਰਕਰਾਂ ਨੇ ਸ਼ਮੂਲੀਅਤ ਕੀਤੀ। ਬੁਲਾਰਿਆਂ ਨੇ ਕਿਹਾ ਕਿ ਸ਼ਹੀਦਾਂ ਦੇ ਸੁਪਨਿਆਂ ਦਾ ਸਮਾਜ ਸਿਰਜਣ ਲਈ ਲੋਕਾਂ ਨੂੰ ਇਕਜੁੱਟ ਹੋ ਕੇ ਫਿਰਕਾਪ੍ਰਸਤੀ ਅਤੇ ਫਾਸ਼ੀਵਾਦ ਦਾ ਵਿਰੋਧ ਕਰਨਾ ਚਾਹੀਦਾ ਹੈ। ਸਮਾਗਮ ਦੌਰਾਨ ਇਨਕਲਾਬੀ ਗੀਤ ਅਤੇ ਨਾਟਕ ਵੀ ਪੇਸ਼ ਕੀਤੇ ਗਏ।
ਬਰਨਾਲਾ, 1 ਅਪ੍ਰੈਲ (ਕੁਲਦੀਪ ਸਿੰਘ) ਸ਼ਹੀਦ ਭਗਤ ਸਿੰਘ, ਰਾਜਗੁਰੂ ਅਤੇ ਸੁਖਦੇਵ ਦੇ ਸ਼ਹੀਦੀ ਦਿਹਾੜੇ ਨੂੰ ਸਮਰਪਿਤ ਫਾਸ਼ੀਵਾਦ ਵਿਰੋਧੀ ਸੰਮੇਲਨ ਤਰਕਸ਼ੀਲ ਭਵਨ ਬਰਨਾਲਾ ਵਿਖੇ ਕਰਵਾਇਆ ਗਿਆ ਜਿਸ ਵਿਚ ਵੱਖ ਵੱਖ ਜਥੇਬੰਦੀਆਂ ਦੇ ਆਗੂਆਂ ਅਤੇ ਵਰਕਰਾਂ ਨੇ ਸ਼ਮੂਲੀਅਤ ਕੀਤੀ। ਬੁਲਾਰਿਆਂ ਨੇ ਕਿਹਾ ਕਿ ਸ਼ਹੀਦਾਂ ਦੇ ਸੁਪਨਿਆਂ ਦਾ ਸਮਾਜ ਸਿਰਜਣ ਲਈ ਲੋਕਾਂ ਨੂੰ ਇਕਜੁੱਟ ਹੋ ਕੇ ਫਿਰਕਾਪ੍ਰਸਤੀ ਅਤੇ ਫਾਸ਼ੀਵਾਦ ਦਾ ਵਿਰੋਧ ਕਰਨਾ ਚਾਹੀਦਾ ਹੈ। ਸਮਾਗਮ ਦੌਰਾਨ ਇਨਕਲਾਬੀ ਗੀਤ ਅਤੇ ਨਾਟਕ ਵੀ ਪੇਸ਼ ਕੀਤੇ ਗਏ।
ਮੋਦੀ ਸਰਕਾਰ ਨੇ ਪੈਟਰੋਲ-ਡੀਜ਼ਲ 'ਤੇ ਐਕਸਾਈਜ਼ ਡਿਊਟੀ ਘਟਾ ਕੇ ਲੋਕਾਂ ਨੂੰ ਵੱਡੀ ਰਾਹਤ : ਦਿਓਲ
ਧੂਰੀ 1 ਅਪ੍ਰੈਲ (ਰਣਜੀਤ ਸਿੰਘ ਧੰਦਲਾ) ਭਾਰਤੀ ਜਨਤਾ ਪਾਰਟੀ ਦੇ ਸੀਨੀਅਰ ਆਗੂ ਨੇ ਕਿਹਾ ਕਿ ਕੇਂਦਰ ਦੀ ਮੋਦੀ ਸਰਕਾਰ ਵੱਲੋਂ ਪੈਟਰੋਲ ਅਤੇ ਡੀਜ਼ਲ ਉੱਤੇ ਐਕਸਾਈਜ਼ ਡਿਊਟੀ ਘਟਾਉਣ ਦਾ ਫ਼ੈਸਲਾ ਆਮ ਲੋਕਾਂ ਲਈ ਵੱਡੀ ਰਾਹਤ ਹੈ। ਉਨ੍ਹਾਂ ਕਿਹਾ ਕਿ ਇਸ ਨਾਲ ਮਹਿੰਗਾਈ ਉੱਤੇ ਕਾਬੂ ਪਾਉਣ ਵਿਚ ਮਦਦ ਮਿਲੇਗੀ ਅਤੇ ਕਿਸਾਨਾਂ, ਟਰਾਂਸਪੋਰਟਰਾਂ ਅਤੇ ਮੱਧ ਵਰਗ ਨੂੰ ਸਿੱਧਾ ਲਾਭ ਹੋਵੇਗਾ। ਉਨ੍ਹਾਂ ਸੂਬਾ ਸਰਕਾਰ ਨੂੰ ਵੀ ਵੈਟ ਘਟਾ ਕੇ ਲੋਕਾਂ ਨੂੰ ਹੋਰ ਰਾਹਤ ਦੇਣ ਦੀ ਅਪੀਲ ਕੀਤੀ।
ਧੂਰੀ 1 ਅਪ੍ਰੈਲ (ਰਣਜੀਤ ਸਿੰਘ ਧੰਦਲਾ) ਭਾਰਤੀ ਜਨਤਾ ਪਾਰਟੀ ਦੇ ਸੀਨੀਅਰ ਆਗੂ ਨੇ ਕਿਹਾ ਕਿ ਕੇਂਦਰ ਦੀ ਮੋਦੀ ਸਰਕਾਰ ਵੱਲੋਂ ਪੈਟਰੋਲ ਅਤੇ ਡੀਜ਼ਲ ਉੱਤੇ ਐਕਸਾਈਜ਼ ਡਿਊਟੀ ਘਟਾਉਣ ਦਾ ਫ਼ੈਸਲਾ ਆਮ ਲੋਕਾਂ ਲਈ ਵੱਡੀ ਰਾਹਤ ਹੈ। ਉਨ੍ਹਾਂ ਕਿਹਾ ਕਿ ਇਸ ਨਾਲ ਮਹਿੰਗਾਈ ਉੱਤੇ ਕਾਬੂ ਪਾਉਣ ਵਿਚ ਮਦਦ ਮਿਲੇਗੀ ਅਤੇ ਕਿਸਾਨਾਂ, ਟਰਾਂਸਪੋਰਟਰਾਂ ਅਤੇ ਮੱਧ ਵਰਗ ਨੂੰ ਸਿੱਧਾ ਲਾਭ ਹੋਵੇਗਾ। ਉਨ੍ਹਾਂ ਸੂਬਾ ਸਰਕਾਰ ਨੂੰ ਵੀ ਵੈਟ ਘਟਾ ਕੇ ਲੋਕਾਂ ਨੂੰ ਹੋਰ ਰਾਹਤ ਦੇਣ ਦੀ ਅਪੀਲ ਕੀਤੀ।
ਵਿਧਾਇਕ ਕੁਲਜੀਤ ਸਿੰਘ ਰੰਧਾਵਾ ਵੱਲੋਂ ਡੇਰਾਬੱਸੀ ਹਲਕੇ ਵਿੱਚ ਬਣ ਰਹੇ ਖੇਡ ਮੈਦਾਨਾਂ ਦਾ ਜਾਇਜ਼ਾ
ਡੇਰਾਬੱਸੀ, 1 ਅਪ੍ਰੈਲ (ਸੁਖਵਿੰਦਰ ਸੈਣੀ) ਹਲਕਾ ਡੇਰਾਬੱਸੀ ਦੇ ਵਿਧਾਇਕ ਕੁਲਜੀਤ ਸਿੰਘ ਰੰਧਾਵਾ ਵੱਲੋਂ ਹਲਕੇ ਦੇ ਵੱਖ ਵੱਖ ਪਿੰਡਾਂ ਵਿਚ ਪੰਜਾਬ ਸਰਕਾਰ ਦੀ ਯੋਜਨਾ ਤਹਿਤ ਬਣ ਰਹੇ ਖੇਡ ਮੈਦਾਨਾਂ ਦਾ ਦੌਰਾ ਕਰਕੇ ਕੰਮ ਦਾ ਜਾਇਜ਼ਾ ਲਿਆ ਗਿਆ। ਉਨ੍ਹਾਂ ਅਧਿਕਾਰੀਆਂ ਨੂੰ ਹਦਾਇਤ ਕੀਤੀ ਕਿ ਕੰਮ ਦੀ ਗੁਣਵੱਤਾ ਨਾਲ ਕੋਈ ਸਮਝੌਤਾ ਨਾ ਕੀਤਾ ਜਾਵੇ ਅਤੇ ਮੈਦਾਨ ਸਮੇਂ ਸਿਰ ਤਿਆਰ ਕੀਤੇ ਜਾਣ ਤਾਂ ਜੋ ਨੌਜਵਾਨਾਂ ਨੂੰ ਨਸ਼ਿਆਂ ਤੋਂ ਦੂਰ ਰੱਖ ਕੇ ਖੇਡਾਂ ਨਾਲ ਜੋੜਿਆ ਜਾ ਸਕੇ।
ਡੇਰਾਬੱਸੀ, 1 ਅਪ੍ਰੈਲ (ਸੁਖਵਿੰਦਰ ਸੈਣੀ) ਹਲਕਾ ਡੇਰਾਬੱਸੀ ਦੇ ਵਿਧਾਇਕ ਕੁਲਜੀਤ ਸਿੰਘ ਰੰਧਾਵਾ ਵੱਲੋਂ ਹਲਕੇ ਦੇ ਵੱਖ ਵੱਖ ਪਿੰਡਾਂ ਵਿਚ ਪੰਜਾਬ ਸਰਕਾਰ ਦੀ ਯੋਜਨਾ ਤਹਿਤ ਬਣ ਰਹੇ ਖੇਡ ਮੈਦਾਨਾਂ ਦਾ ਦੌਰਾ ਕਰਕੇ ਕੰਮ ਦਾ ਜਾਇਜ਼ਾ ਲਿਆ ਗਿਆ। ਉਨ੍ਹਾਂ ਅਧਿਕਾਰੀਆਂ ਨੂੰ ਹਦਾਇਤ ਕੀਤੀ ਕਿ ਕੰਮ ਦੀ ਗੁਣਵੱਤਾ ਨਾਲ ਕੋਈ ਸਮਝੌਤਾ ਨਾ ਕੀਤਾ ਜਾਵੇ ਅਤੇ ਮੈਦਾਨ ਸਮੇਂ ਸਿਰ ਤਿਆਰ ਕੀਤੇ ਜਾਣ ਤਾਂ ਜੋ ਨੌਜਵਾਨਾਂ ਨੂੰ ਨਸ਼ਿਆਂ ਤੋਂ ਦੂਰ ਰੱਖ ਕੇ ਖੇਡਾਂ ਨਾਲ ਜੋੜਿਆ ਜਾ ਸਕੇ।
ਡੇਰਾਬੱਸੀ, 1 ਅਪ੍ਰੈਲ (ਸੁਖਵਿੰਦਰ ਸੈਣੀ) ਹਲਕਾ ਡੇਰਾਬੱਸੀ ਦੇ ਵਿਧਾਇਕ ਕੁਲਜੀਤ ਸਿੰਘ ਰੰਧਾਵਾ ਵੱਲੋਂ ਹਲਕੇ ਦੇ ਵੱਖ ਵੱਖ ਪਿੰਡਾਂ ਵਿਚ ਪੰਜਾਬ ਸਰਕਾਰ ਦੀ ਯੋਜਨਾ ਤਹਿਤ ਬਣ ਰਹੇ ਖੇਡ ਮੈਦਾਨਾਂ ਦਾ ਦੌਰਾ ਕਰਕੇ ਕੰਮ ਦਾ ਜਾਇਜ਼ਾ ਲਿਆ ਗਿਆ। ਉਨ੍ਹਾਂ ਅਧਿਕਾਰੀਆਂ ਨੂੰ ਹਦਾਇਤ ਕੀਤੀ ਕਿ ਕੰਮ ਦੀ ਗੁਣਵੱਤਾ ਨਾਲ ਕੋਈ ਸਮਝੌਤਾ ਨਾ ਕੀਤਾ ਜਾਵੇ ਅਤੇ ਮੈਦਾਨ ਸਮੇਂ ਸਿਰ ਤਿਆਰ ਕੀਤੇ ਜਾਣ ਤਾਂ ਜੋ ਨੌਜਵਾਨਾਂ ਨੂੰ ਨਸ਼ਿਆਂ ਤੋਂ ਦੂਰ ਰੱਖ ਕੇ ਖੇਡਾਂ ਨਾਲ ਜੋੜਿਆ ਜਾ ਸਕੇ।
